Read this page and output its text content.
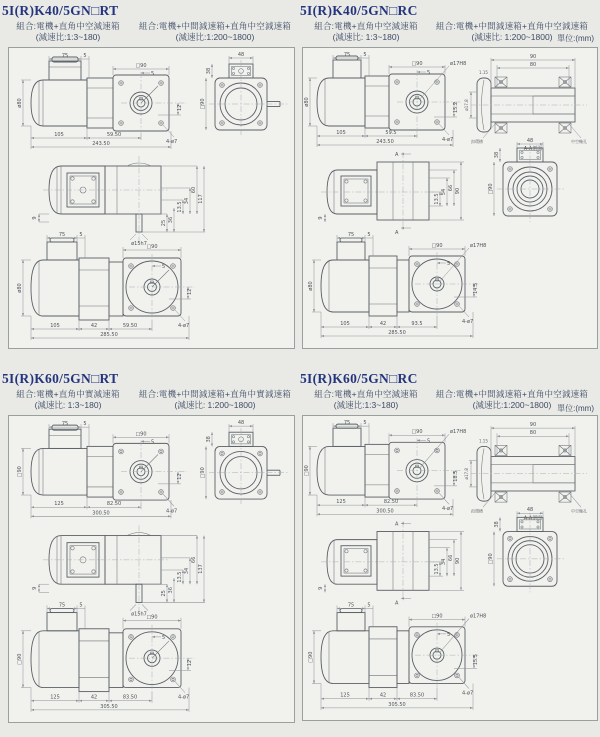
5I(R)K40/5GN□RT
組合:電機+直角中空減速箱
(減速比:1:3~180)
組合:電機+中間減速箱+直角中空減速箱
(減速比:1:200~1800)
75	5
□90
5
12
ø80
105	59.50
243.50	4-ø7
48
38
□90
9
25 36
13.5
34
60
117
ø15h7
75	5
□90
5
12
ø80
105	42	59.50
285.50
4-ø7
5I(R)K40/5GN□RC
組合:電機+直角中空減速箱
(減速比: 1:3~180)
組合:電機+中間減速箱+直角中空減速箱
(減速比: 1:200~1800) 單位:(mm)
75	5
□90
5
ø17H8
15.2
ø80
105	59.5
243.50	4-ø7
90
80
1.15
ø17.8
扣環槽	中空軸孔
A-A剖面
A
A
9
13.5
54
66 90
48
38
□90
75	5
□90
5
ø17H8
14.5
ø80
105	42	93.5
285.50
4-ø7
5I(R)K60/5GN□RT
組合:電機+直角中實減速箱
(減速比: 1:3~180)
組合:電機+中間減速箱+直角中實減速箱
(減速比: 1:200~1800)
75	5
□90
5
12
□90
125	82.50
300.50	4-ø7
48
38
□90
9
25 36
13.5
34
66
137
ø15h7
75	5
□90
5
12
□90
125	42	83.50
305.50
4-ø7
5I(R)K60/5GN□RC
組合:電機+直角中空減速箱
(減速比:1:3~180)
組合:電機+中間減速箱+直角中空減速箱
(減速比:1:200~1800) 單位:(mm)
75	5
□90
5
ø17H8
18.5
□90
125	82.50
300.50	4-ø7
90
80
1.15
ø17.8
扣環槽	中空軸孔
A-A剖面
A
A
9
13.5
34
66 90
48
38
□90
75	5
□90
5
ø17H8
15.5
□90
125	42	83.50
305.50
4-ø7
